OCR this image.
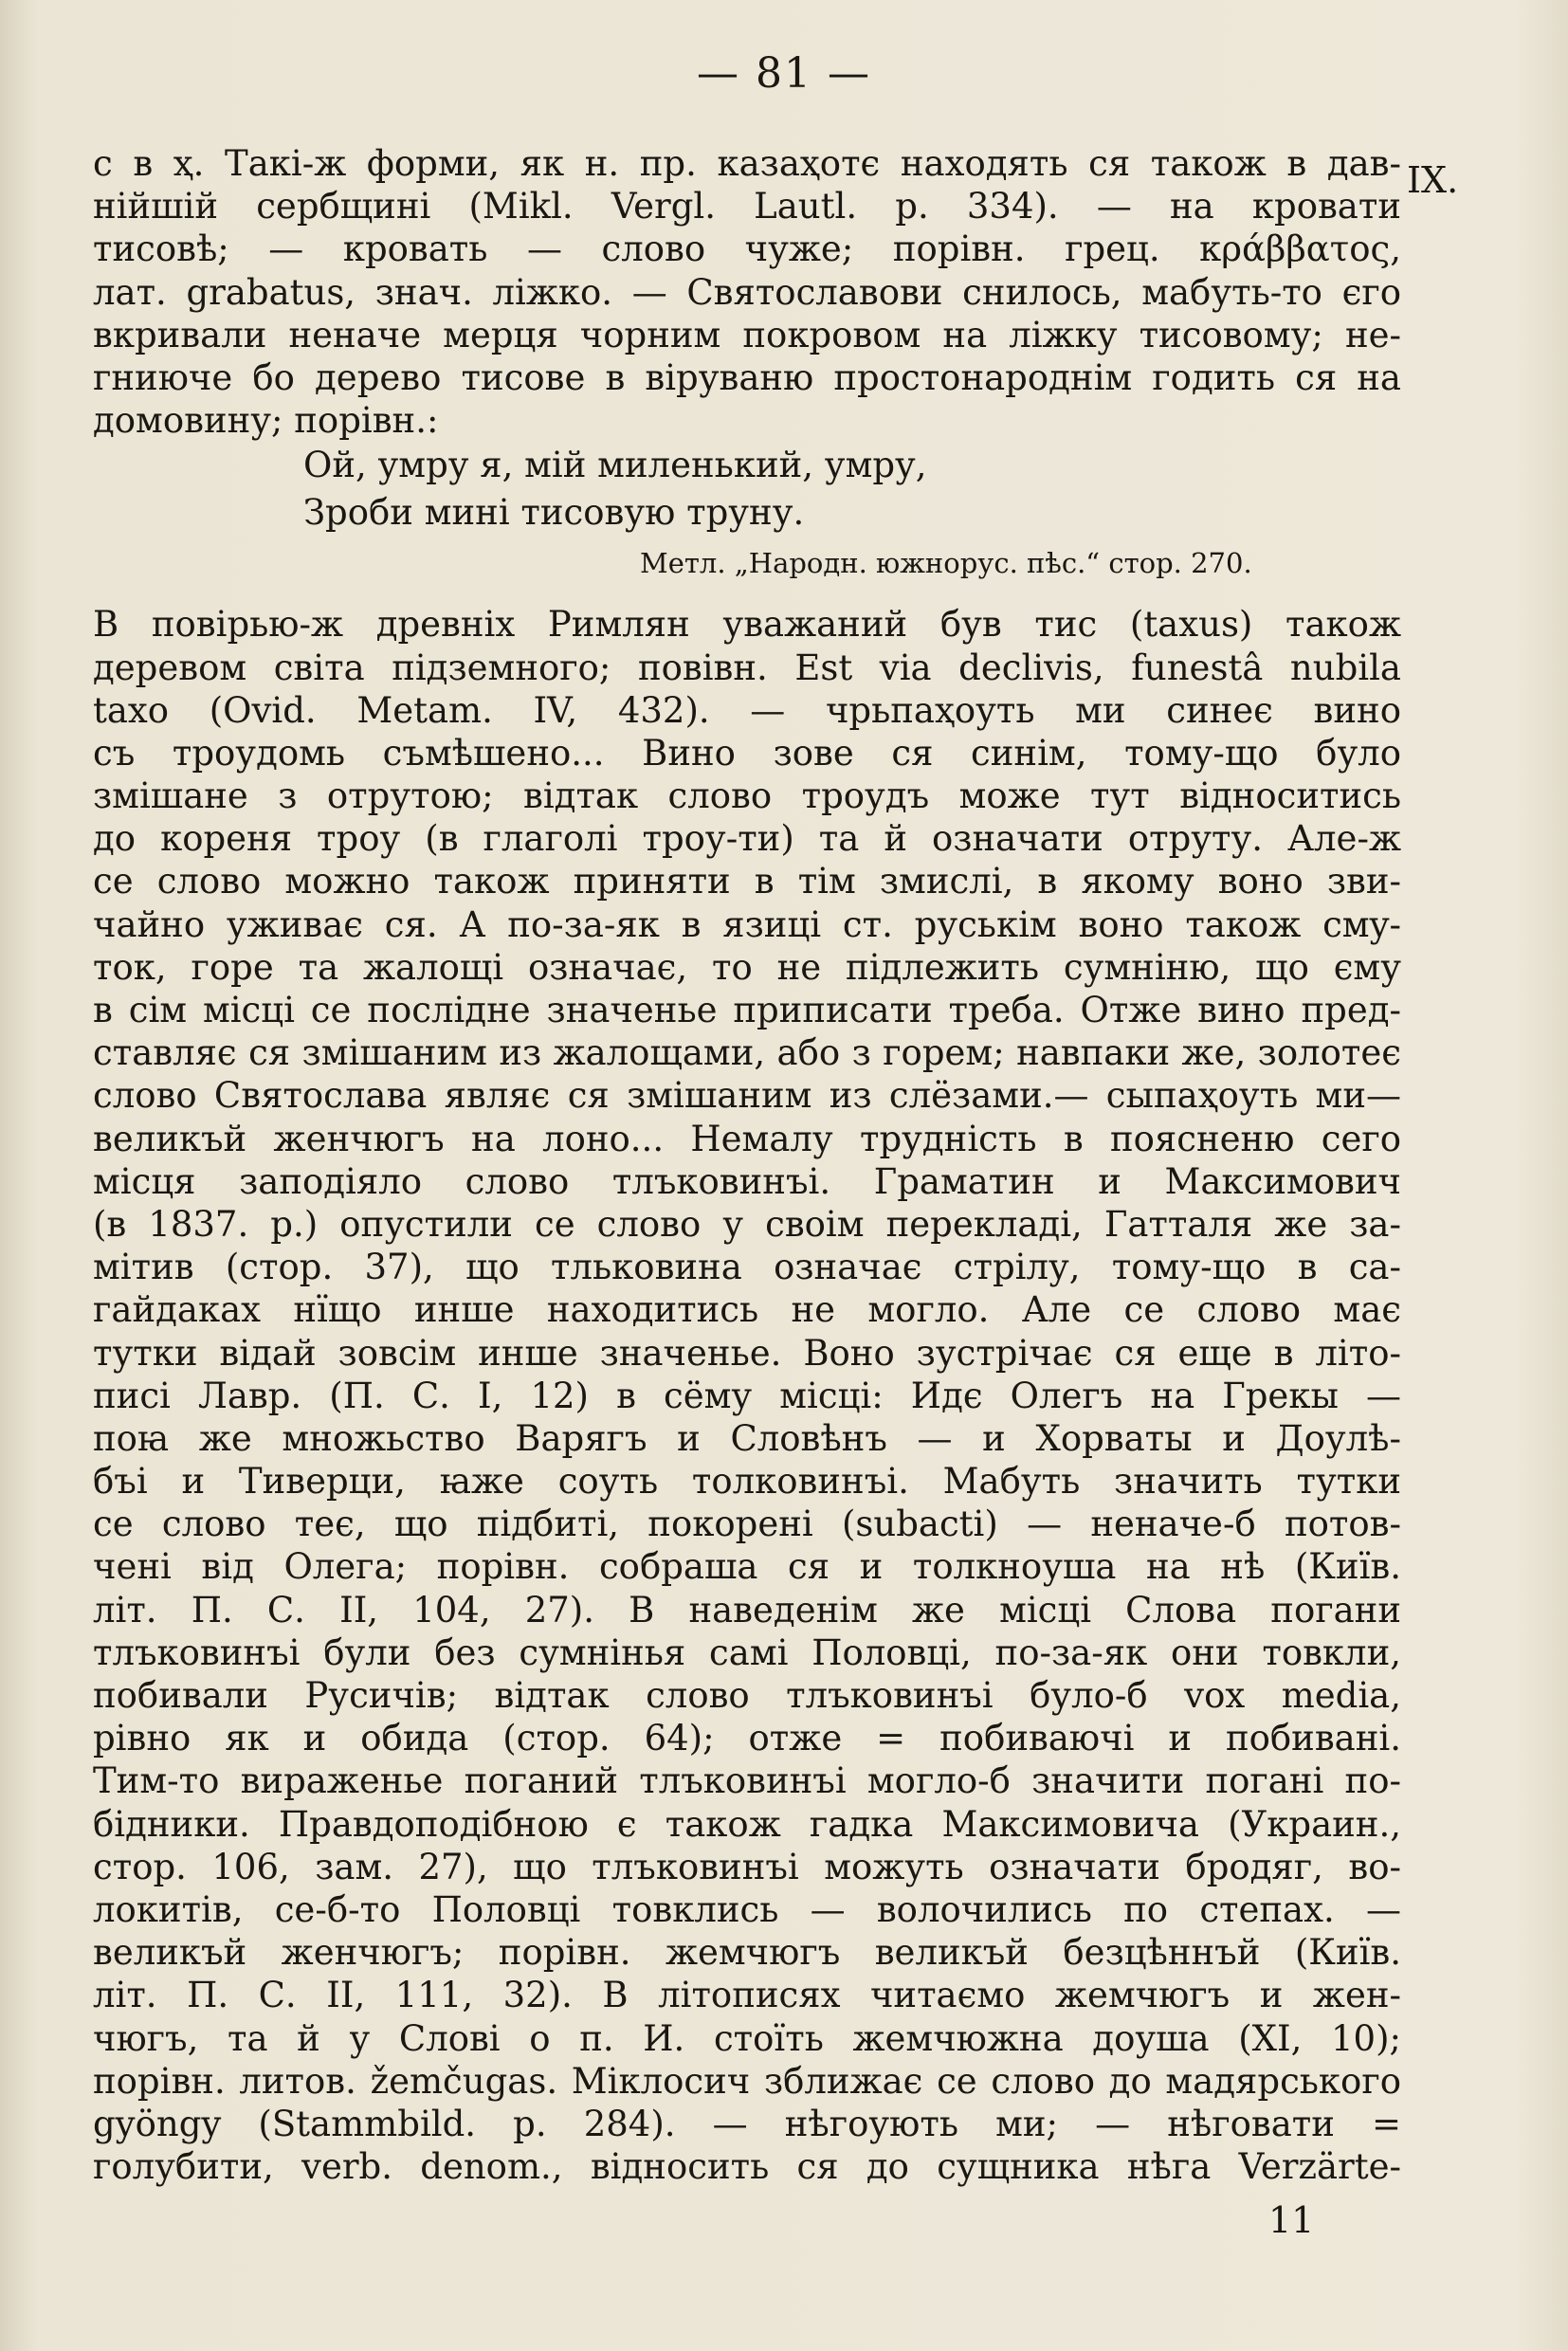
— 81 —
IX.
с в ҳ. Такі-ж форми, як н. пр. казаҳотє находять ся також в дав-
нійшій сербщині (Mikl. Vergl. Lautl. p. 334). — на кровати
тисовѣ; — кровать — слово чуже; порівн. грец. κράββατος,
лат. grabatus, знач. ліжко. — Святославови снилось, мабуть-то єго
вкривали неначе мерця чорним покровом на ліжку тисовому; не-
гниюче бо дерево тисове в віруваню простонароднім годить ся на
домовину; порівн.:
Ой, умру я, мій миленький, умру,
Зроби мині тисовую труну.
Метл. „Народн. южнорус. пѣс.“ стор. 270.
В повірью-ж древніх Римлян уважаний був тис (taxus) також
деревом світа підземного; повівн. Est via declivis, funestâ nubila
taxo (Ovid. Metam. IV, 432). — чрьпаҳоуть ми синеє вино
съ троудомь съмѣшено... Вино зове ся синім, тому-що було
змішане з отрутою; відтак слово троудъ може тут відноситись
до кореня троу (в глаголі троу-ти) та й означати отруту. Але-ж
се слово можно також приняти в тім змислі, в якому воно зви-
чайно уживає ся. А по-за-як в язиці ст. руськім воно також смy-
ток, горе та жалощі означає, то не підлежить сумніню, що єму
в сім місці се послідне значенье приписати треба. Отже вино пред-
ставляє ся змішаним из жалощами, або з горем; навпаки же, золотеє
слово Святослава являє ся змішаним из слёзами.— сыпаҳоуть ми—
великъй женчюгъ на лоно... Немалу трудність в поясненю сего
місця заподіяло слово тлъковинъі. Граматин и Максимович
(в 1837. р.) опустили се слово у своім перекладі, Гатталя же за-
мітив (стор. 37), що тльковина означає стрілу, тому-що в са-
гайдаках нїщо инше находитись не могло. Але се слово має
тутки відай зовсім инше значенье. Воно зустрічає ся еще в літо-
писі Лавр. (П. С. І, 12) в сёму місці: Идє Олегъ на Грекы —
поꙗ же множьство Варягъ и Словѣнъ — и Хорваты и Доулѣ-
бъі и Тиверци, ꙗже соуть толковинъі. Мабуть значить тутки
се слово теє, що підбиті, покорені (subacti) — неначе-б потов-
чені від Олега; порівн. собраша ся и толкноуша на нѣ (Київ.
літ. П. С. II, 104, 27). В наведенім же місці Слова погани
тлъковинъі були без сумнінья самі Половці, по-за-як они товкли,
побивали Русичів; відтак слово тлъковинъі було-б vox media,
рівно як и обида (стор. 64); отже = побиваючі и побивані.
Тим-то вираженье поганий тлъковинъі могло-б значити погані по-
бідники. Правдоподібною є також гадка Максимовича (Украин.,
стор. 106, зам. 27), що тлъковинъі можуть означати бродяг, во-
локитів, се-б-то Половці товклись — волочились по степах. —
великъй женчюгъ; порівн. жемчюгъ великъй безцѣннъй (Київ.
літ. П. С. II, 111, 32). В літописях читаємо жемчюгъ и жен-
чюгъ, та й у Слові о п. И. стоїть жемчюжна доуша (XI, 10);
порівн. литов. žemčugas. Міклосич зближає се слово до мадярського
gyöngy (Stammbild. p. 284). — нѣгоують ми; — нѣговати =
голубити, verb. denom., відносить ся до сущника нѣга Verzärte-
11
